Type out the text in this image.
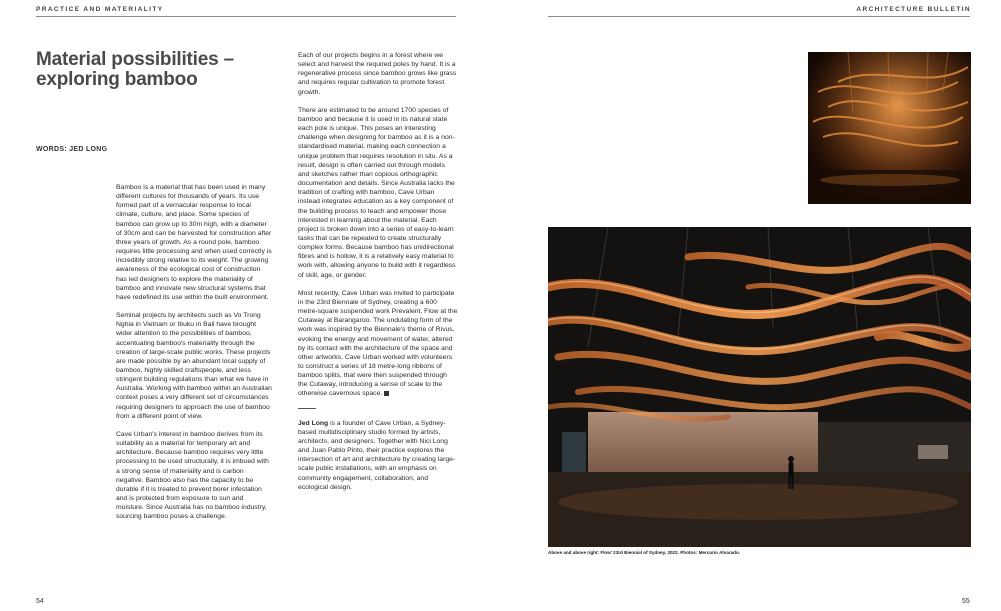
PRACTICE AND MATERIALITY	ARCHITECTURE BULLETIN
Material possibilities – exploring bamboo
WORDS: JED LONG

Bamboo is a material that has been used in many different cultures for thousands of years. Its use formed part of a vernacular response to local climate, culture, and place. Some species of bamboo can grow up to 30m high, with a diameter of 30cm and can be harvested for construction after three years of growth. As a round pole, bamboo requires little processing and when used correctly is incredibly strong relative to its weight. The growing awareness of the ecological cost of construction has led designers to explore the materiality of bamboo and innovate new structural systems that have redefined its use within the built environment.

Seminal projects by architects such as Vo Trong Nghia in Vietnam or Ibuku in Bali have brought wider attention to the possibilities of bamboo, accentuating bamboo's materiality through the creation of large-scale public works. These projects are made possible by an abundant local supply of bamboo, highly skilled craftspeople, and less stringent building regulations than what we have in Australia. Working with bamboo within an Australian context poses a very different set of circumstances requiring designers to approach the use of bamboo from a different point of view.

Cave Urban's interest in bamboo derives from its suitability as a material for temporary art and architecture. Because bamboo requires very little processing to be used structurally, it is imbued with a strong sense of materiality and is carbon negative. Bamboo also has the capacity to be durable if it is treated to prevent borer infestation and is protected from exposure to sun and moisture. Since Australia has no bamboo industry, sourcing bamboo poses a challenge.

Each of our projects begins in a forest where we select and harvest the required poles by hand. It is a regenerative process since bamboo grows like grass and requires regular cultivation to promote forest growth.

There are estimated to be around 1700 species of bamboo and because it is used in its natural state each pole is unique. This poses an interesting challenge when designing for bamboo as it is a non-standardised material, making each connection a unique problem that requires resolution in situ. As a result, design is often carried out through models and sketches rather than copious orthographic documentation and details. Since Australia lacks the tradition of crafting with bamboo, Cave Urban instead integrates education as a key component of the building process to teach and empower those interested in learning about the material. Each project is broken down into a series of easy-to-learn tasks that can be repeated to create structurally complex forms. Because bamboo has unidirectional fibres and is hollow, it is a relatively easy material to work with, allowing anyone to build with it regardless of skill, age, or gender.

Most recently, Cave Urban was invited to participate in the 23rd Biennale of Sydney, creating a 600 metre-square suspended work Prevalent, Flow at the Cutaway at Barangaroo. The undulating form of the work was inspired by the Biennale's theme of Rivus, evoking the energy and movement of water, altered by its contact with the architecture of the space and other artworks. Cave Urban worked with volunteers to construct a series of 18 metre-long ribbons of bamboo splits, that were then suspended through the Cutaway, introducing a sense of scale to the otherwise cavernous space.

Jed Long is a founder of Cave Urban, a Sydney-based multidisciplinary studio formed by artists, architects, and designers. Together with Nici Long and Juan Pablo Pinto, their practice explores the intersection of art and architecture by creating large-scale public installations, with an emphasis on community engagement, collaboration, and ecological design.

Above and above right: Flow' 23rd Biennial of Sydney, 2022. Photos: Mercurio Alvarado.
54	55
